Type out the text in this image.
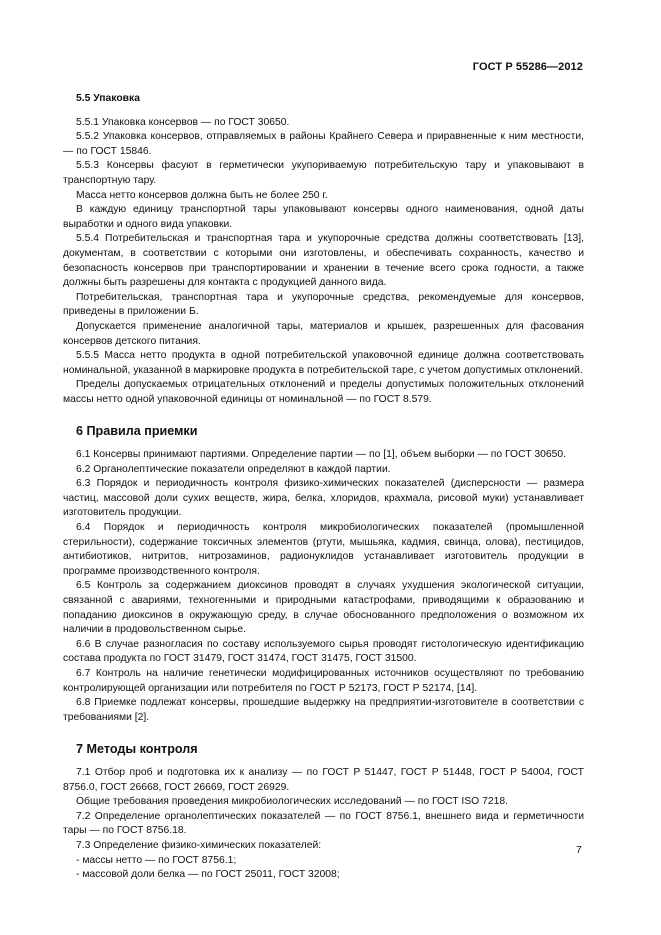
ГОСТ Р 55286—2012
5.5 Упаковка

5.5.1 Упаковка консервов — по ГОСТ 30650.

5.5.2 Упаковка консервов, отправляемых в районы Крайнего Севера и приравненные к ним местности, — по ГОСТ 15846.

5.5.3 Консервы фасуют в герметически укупориваемую потребительскую тару и упаковывают в транспортную тару.

Масса нетто консервов должна быть не более 250 г.

В каждую единицу транспортной тары упаковывают консервы одного наименования, одной даты выработки и одного вида упаковки.

5.5.4 Потребительская и транспортная тара и укупорочные средства должны соответствовать [13], документам, в соответствии с которыми они изготовлены, и обеспечивать сохранность, качество и безопасность консервов при транспортировании и хранении в течение всего срока годности, а также должны быть разрешены для контакта с продукцией данного вида.

Потребительская, транспортная тара и укупорочные средства, рекомендуемые для консервов, приведены в приложении Б.

Допускается применение аналогичной тары, материалов и крышек, разрешенных для фасования консервов детского питания.

5.5.5 Масса нетто продукта в одной потребительской упаковочной единице должна соответствовать номинальной, указанной в маркировке продукта в потребительской таре, с учетом допустимых отклонений.

Пределы допускаемых отрицательных отклонений и пределы допустимых положительных отклонений массы нетто одной упаковочной единицы от номинальной — по ГОСТ 8.579.

6 Правила приемки

6.1 Консервы принимают партиями. Определение партии — по [1], объем выборки — по ГОСТ 30650.

6.2 Органолептические показатели определяют в каждой партии.

6.3 Порядок и периодичность контроля физико-химических показателей (дисперсности — размера частиц, массовой доли сухих веществ, жира, белка, хлоридов, крахмала, рисовой муки) устанавливает изготовитель продукции.

6.4 Порядок и периодичность контроля микробиологических показателей (промышленной стерильности), содержание токсичных элементов (ртути, мышьяка, кадмия, свинца, олова), пестицидов, антибиотиков, нитритов, нитрозаминов, радионуклидов устанавливает изготовитель продукции в программе производственного контроля.

6.5 Контроль за содержанием диоксинов проводят в случаях ухудшения экологической ситуации, связанной с авариями, техногенными и природными катастрофами, приводящими к образованию и попаданию диоксинов в окружающую среду, в случае обоснованного предположения о возможном их наличии в продовольственном сырье.

6.6 В случае разногласия по составу используемого сырья проводят гистологическую идентификацию состава продукта по ГОСТ 31479, ГОСТ 31474, ГОСТ 31475, ГОСТ 31500.

6.7 Контроль на наличие генетически модифицированных источников осуществляют по требованию контролирующей организации или потребителя по ГОСТ Р 52173, ГОСТ Р 52174, [14].

6.8 Приемке подлежат консервы, прошедшие выдержку на предприятии-изготовителе в соответствии с требованиями [2].

7 Методы контроля

7.1 Отбор проб и подготовка их к анализу — по ГОСТ Р 51447, ГОСТ Р 51448, ГОСТ Р 54004, ГОСТ 8756.0, ГОСТ 26668, ГОСТ 26669, ГОСТ 26929.

Общие требования проведения микробиологических исследований — по ГОСТ ISO 7218.

7.2 Определение органолептических показателей — по ГОСТ 8756.1, внешнего вида и герметичности тары — по ГОСТ 8756.18.

7.3 Определение физико-химических показателей:

- массы нетто — по ГОСТ 8756.1;

- массовой доли белка — по ГОСТ 25011, ГОСТ 32008;

7
